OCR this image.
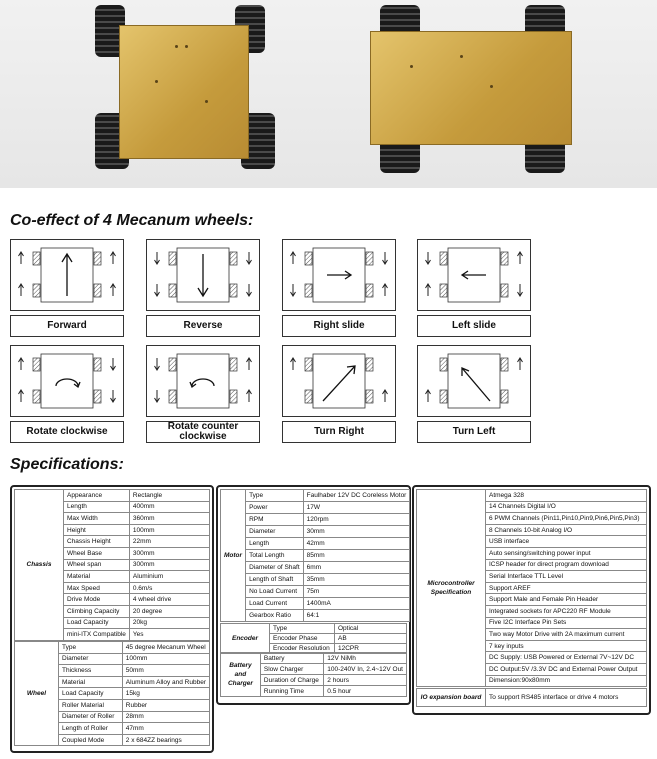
Co-effect of 4 Mecanum wheels:
Forward	Reverse	Right slide	Left slide
Rotate clockwise	Rotate counter clockwise	Turn Right	Turn Left
Specifications:
Chassis	Appearance	Rectangle
	Length	400mm
	Max Width	360mm
	Height	100mm
	Chassis Height	22mm
	Wheel Base	300mm
	Wheel span	300mm
	Material	Aluminium
	Max Speed	0.6m/s
	Drive Mode	4 wheel drive
	Climbing Capacity	20 degree
	Load Capacity	20kg
	mini-ITX Compatible	Yes
Wheel	Type	45 degree Mecanum Wheel
	Diameter	100mm
	Thickness	50mm
	Material	Aluminum Alloy and Rubber
	Load Capacity	15kg
	Roller Material	Rubber
	Diameter of Roller	28mm
	Length of Roller	47mm
	Coupled Mode	2 x 684ZZ bearings
Motor	Type	Faulhaber 12V DC Coreless Motor
	Power	17W
	RPM	120rpm
	Diameter	30mm
	Length	42mm
	Total Length	85mm
	Diameter of Shaft	6mm
	Length of Shaft	35mm
	No Load Current	75m
	Load Current	1400mA
	Gearbox Ratio	64:1
Encoder	Type	Optical
	Encoder Phase	AB
	Encoder Resolution	12CPR
Battery and Charger	Battery	12V NiMh
	Slow Charger	100-240V In, 2.4~12V Out
	Duration of Charge	2 hours
	Running Time	0.5 hour
Microcontroller Specification	Atmega 328
14 Channels Digital I/O
6 PWM Channels (Pin11,Pin10,Pin9,Pin6,Pin5,Pin3)
8 Channels 10-bit Analog I/O
USB interface
Auto sensing/switching power input
ICSP header for direct program download
Serial Interface TTL Level
Support AREF
Support Male and Female Pin Header
Integrated sockets for APC220 RF Module
Five I2C Interface Pin Sets
Two way Motor Drive with 2A maximum current
7 key inputs
DC Supply: USB Powered or External 7V~12V DC
DC Output:5V /3.3V DC and External Power Output
Dimension:90x80mm
IO expansion board	To support RS485 interface or drive 4 motors
